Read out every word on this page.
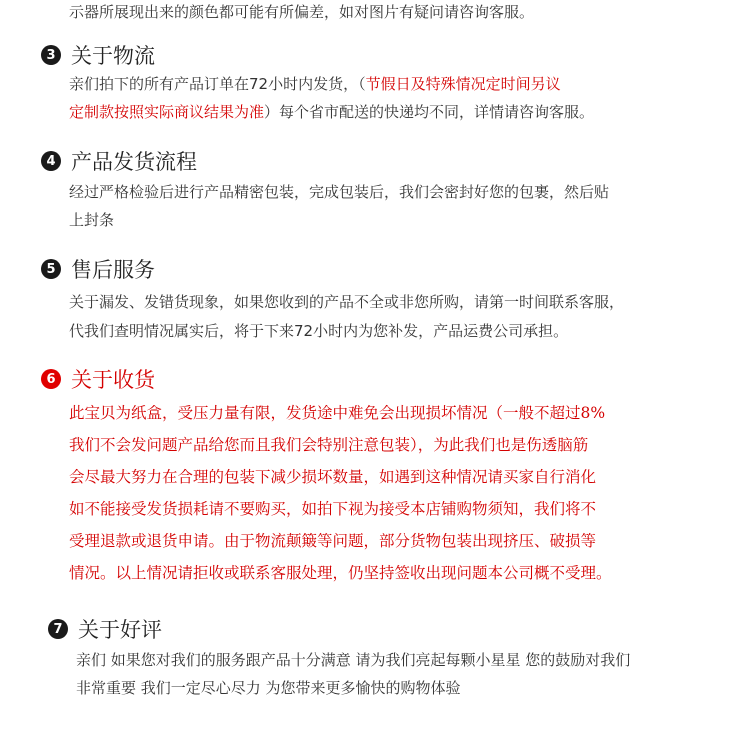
示器所展现出来的颜色都可能有所偏差，如对图片有疑问请咨询客服。
3 关于物流
亲们拍下的所有产品订单在72小时内发货，（节假日及特殊情况定时间另议
定制款按照实际商议结果为准）每个省市配送的快递均不同，详情请咨询客服。
4 产品发货流程
经过严格检验后进行产品精密包装，完成包装后，我们会密封好您的包裹，然后贴
上封条
5 售后服务
关于漏发、发错货现象，如果您收到的产品不全或非您所购，请第一时间联系客服，
代我们查明情况属实后，将于下来72小时内为您补发，产品运费公司承担。
6 关于收货
此宝贝为纸盒，受压力量有限，发货途中难免会出现损坏情况（一般不超过8%
我们不会发问题产品给您而且我们会特别注意包装），为此我们也是伤透脑筋
会尽最大努力在合理的包装下减少损坏数量，如遇到这种情况请买家自行消化
如不能接受发货损耗请不要购买，如拍下视为接受本店铺购物须知，我们将不
受理退款或退货申请。由于物流颠簸等问题，部分货物包装出现挤压、破损等
情况。以上情况请拒收或联系客服处理，仍坚持签收出现问题本公司概不受理。
7 关于好评
亲们 如果您对我们的服务跟产品十分满意 请为我们亮起每颗小星星 您的鼓励对我们
非常重要 我们一定尽心尽力 为您带来更多愉快的购物体验
